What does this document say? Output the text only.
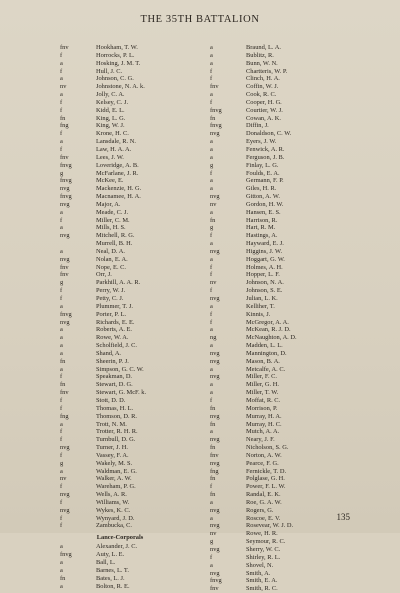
THE 35TH BATTALION
fnv	Hookham, T. W.
f	Horrocks, P. L.
a	Hosking, J. M. T.
f	Hull, J. C.
a	Johnson, C. G.
nv	Johnstone, N. A. k.
a	Jolly, C. A.
f	Kelsey, C. J.
f	Kidd, E. L.
fn	King, L. G.
fng	King, W. J.
f	Krone, H. C.
a	Lansdale, R. N.
f	Law, H. A. A.
fnv	Lees, J. W.
fnvg	Loveridge, A. B.
g	McFarlane, J. R.
fnvg	McKee, E.
nvg	Mackenzie, H. G.
fnvg	Macnamee, H. A.
nvg	Major, A.
a	Meade, C. J.
f	Miller, C. M.
a	Mills, H. S.
nvg	Mitchell, R. G.
Murrell, B. H.
a	Neal, D. A.
nvg	Nolan, E. A.
fnv	Nope, E. C.
fnv	Orr, J.
g	Parkhill, A. A. R.
f	Perry, W. J.
f	Petty, C. J.
a	Plummer, T. J.
fnvg	Porter, P. L.
nvg	Richards, E. E.
a	Roberts, A. E.
a	Rowe, W. A.
a	Scholfield, J. C.
a	Shand, A.
fn	Sheerin, P. J.
a	Simpson, G. C. W.
f	Speakman, D.
fn	Stewart, D. G.
fnv	Stewart, G. McF. k.
f	Stott, D. D.
f	Thomas, H. L.
fng	Thomson, D. R.
a	Trott, N. M.
f	Trotter, R. H. R.
f	Turnbull, D. G.
nvg	Turner, J. H.
f	Vassey, F. A.
g	Wakely, M. S.
a	Waldman, E. G.
nv	Walker, A. W.
f	Wareham, P. G.
nvg	Wells, A. R.
f	Williams, W.
nvg	Wykes, K. C.
f	Wynyard, J. D.
f	Zambucka, C.
Lance-Corporals
a	Alexander, J. C.
fnvg	Auty, L. E.
a	Ball, L.
a	Barnes, L. T.
fn	Bates, L. J.
a	Bolton, R. E.
a	Braund, L. A.
a	Bublitz, R.
a	Bunn, W. N.
f	Chartteris, W. P.
f	Clinch, H. A.
fnv	Coffin, W. J.
a	Cook, R. C.
f	Cooper, H. G.
fnvg	Courtier, W. J.
fn	Cowan, A. K.
fnvg	Diffin, J.
nvg	Donaldson, C. W.
a	Eyers, J. W.
a	Fenwick, A. R.
a	Ferguson, J. B.
g	Finlay, L. G.
f	Foulds, E. A.
a	Germann, F. P.
a	Giles, H. R.
nvg	Gitton, A. W.
nv	Gordon, H. W.
a	Hansen, E. S.
fn	Harrison, R.
g	Hart, R. M.
f	Hastings, A.
a	Hayward, E. J.
nvg	Higgins, J. W.
a	Hoggart, G. W.
f	Holmes, A. H.
f	Hopper, L. F.
nv	Johnson, N. A.
f	Johnson, S. E.
nvg	Julian, L. K.
a	Kelliher, T.
f	Kinnis, J.
f	McGregor, A. A.
a	McKean, R. J. D.
ng	McNaughton, A. D.
a	Madden, L. L.
nvg	Mannington, D.
nvg	Mason, B. A.
a	Metcalfe, A. C.
nvg	Miller, F. C.
a	Miller, G. H.
a	Miller, T. W.
f	Moffat, R. C.
fn	Morrison, P.
nvg	Murray, H. A.
fn	Murray, H. C.
a	Mutch, A. A.
nvg	Neary, J. F.
fn	Nicholson, S. G.
fnv	Norton, A. W.
nvg	Pearce, F. G.
fng	Fernickle, T. D.
fn	Polglase, G. H.
f	Power, F. L. W.
fn	Randal, E. K.
a	Roe, G. A. W.
nvg	Rogers, G.
a	Roscoe, E. V.
nvg	Rosevear, W. J. D.
nv	Rowe, H. R.
g	Seymour, R. C.
nvg	Sherry, W. C.
f	Shirley, R. L.
a	Shovel, N.
nvg	Smith, A.
fnvg	Smith, E. A.
fnv	Smith, R. C.
135
